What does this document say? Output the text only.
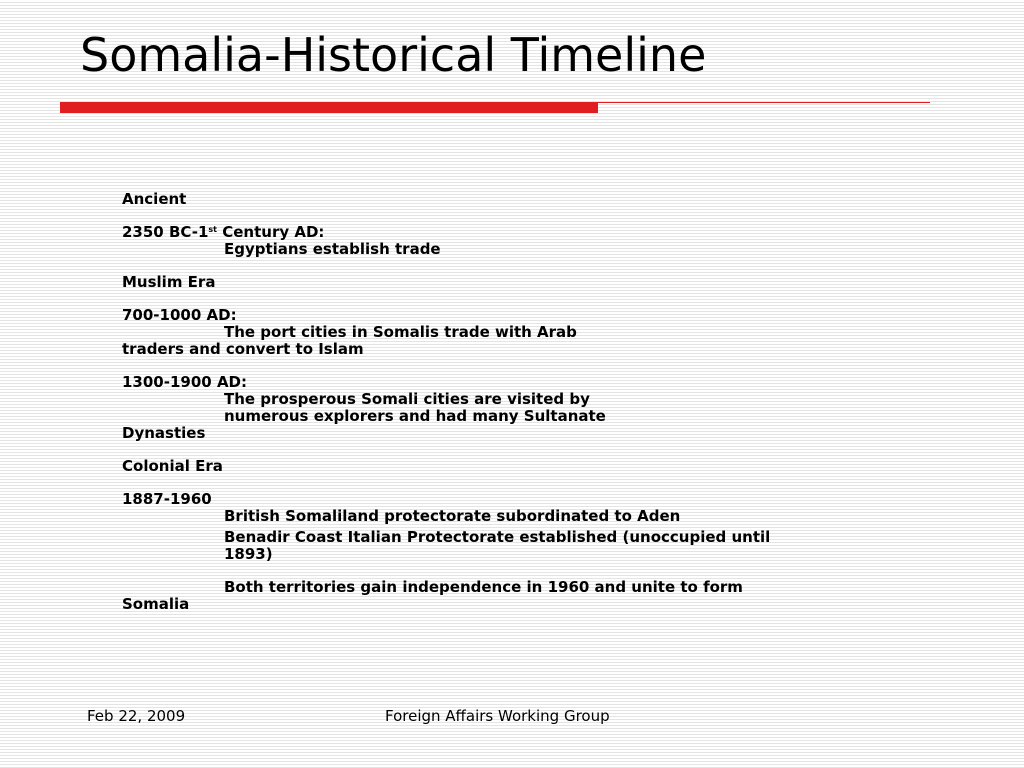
Somalia-Historical Timeline
Ancient
2350 BC-1st Century AD:
Egyptians establish trade
Muslim Era
700-1000 AD:
The port cities in Somalis trade with Arab
traders and convert to Islam
1300-1900 AD:
The prosperous Somali cities are visited by
numerous explorers and had many Sultanate
Dynasties
Colonial Era
1887-1960
British Somaliland protectorate subordinated to Aden
Benadir Coast Italian Protectorate established (unoccupied until
1893)
Both territories gain independence in 1960 and unite to form
Somalia
Feb 22, 2009	Foreign Affairs Working Group
